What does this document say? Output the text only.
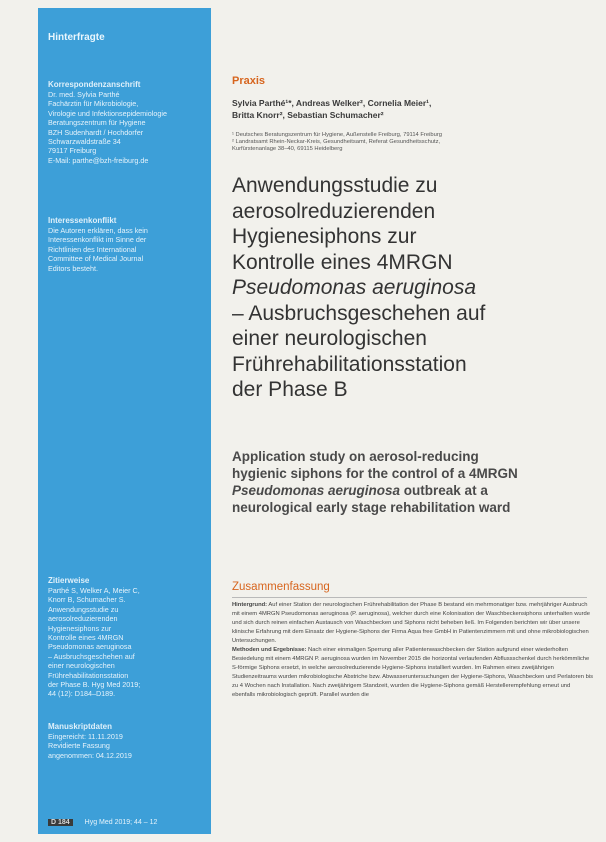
Hinterfragte
Korrespondenzanschrift
Dr. med. Sylvia Parthé
Fachärztin für Mikrobiologie,
Virologie und Infektionsepidemiologie
Beratungszentrum für Hygiene
BZH Sudenhardt / Hochdorfer
Schwarzwaldstraße 34
79117 Freiburg
E-Mail: parthe@bzh-freiburg.de
Interessenkonflikt
Die Autoren erklären, dass kein
Interessenkonflikt im Sinne der
Richtlinien des International
Committee of Medical Journal
Editors besteht.
Zitierweise
Parthé S, Welker A, Meier C,
Knorr B, Schumacher S.
Anwendungsstudie zu
aerosolreduzierenden
Hygienesiphons zur
Kontrolle eines 4MRGN
Pseudomonas aeruginosa
– Ausbruchsgeschehen auf
einer neurologischen
Frührehabilitationsstation
der Phase B. Hyg Med 2019;
44 (12): D184–D189.
Manuskriptdaten
Eingereicht: 11.11.2019
Revidierte Fassung
angenommen: 04.12.2019
D 184 Hyg Med 2019; 44 – 12
Praxis
Sylvia Parthé¹*, Andreas Welker², Cornelia Meier¹,
Britta Knorr², Sebastian Schumacher²
¹ Deutsches Beratungszentrum für Hygiene, Außenstelle Freiburg, 79114 Freiburg
² Landratsamt Rhein-Neckar-Kreis, Gesundheitsamt, Referat Gesundheitsschutz,
Kurfürstenanlage 38–40, 69115 Heidelberg
Anwendungsstudie zu
aerosolreduzierenden
Hygienesiphons zur
Kontrolle eines 4MRGN
Pseudomonas aeruginosa
– Ausbruchsgeschehen auf
einer neurologischen
Frührehabilitationsstation
der Phase B
Application study on aerosol-reducing
hygienic siphons for the control of a 4MRGN
Pseudomonas aeruginosa outbreak at a
neurological early stage rehabilitation ward
Zusammenfassung
Hintergrund: Auf einer Station der neurologischen Frührehabilitation der Phase B bestand ein mehrmonatiger bzw. mehrjähriger Ausbruch mit einem 4MRGN Pseudomonas aeruginosa (P. aeruginosa), welcher durch eine Kolonisation der Waschbeckensiphons unterhalten wurde und sich durch reinen einfachen Austausch von Waschbecken und Siphons nicht beheben ließ. Im Folgenden berichten wir über unsere klinische Erfahrung mit dem Einsatz der Hygiene-Siphons der Firma Aqua free GmbH in Patientenzimmern mit und ohne mikrobiologischen Untersuchungen.
Methoden und Ergebnisse: Nach einer einmaligen Sperrung aller Patientenwaschbecken der Station aufgrund einer wiederholten Besiedelung mit einem 4MRGN P. aeruginosa wurden im November 2015 die horizontal verlaufenden Abflussschenkel durch herkömmliche S-förmige Siphons ersetzt, in welche aerosolreduzierende Hygiene-Siphons installiert wurden. Im Rahmen eines zweijährigen Studienzeitraums wurden mikrobiologische Abstriche bzw. Abwasseruntersuchungen der Hygiene-Siphons, Waschbecken und Perlatoren bis zu 4 Wochen nach Installation. Nach zweijährigem Standzeit, wurden die Hygiene-Siphons gemäß Herstellerempfehlung erneut und ebenfalls mikrobiologisch geprüft. Parallel wurden die
